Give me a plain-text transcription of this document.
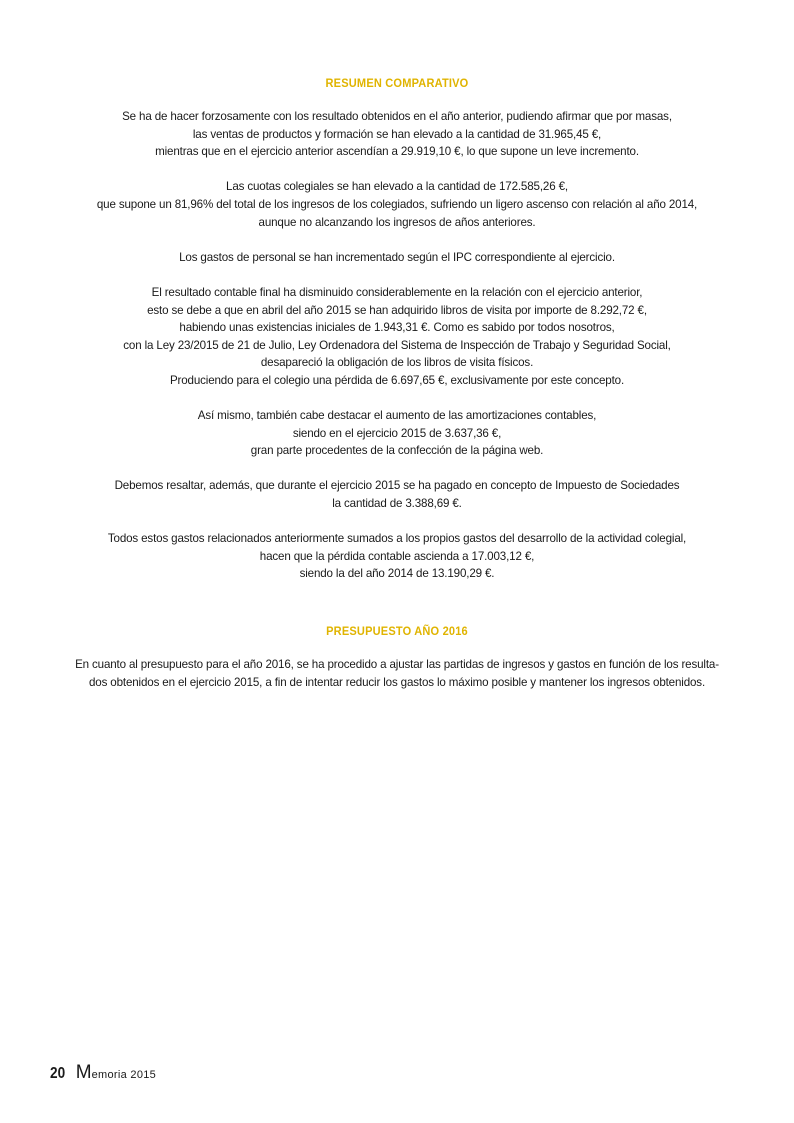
RESUMEN COMPARATIVO

Se ha de hacer forzosamente con los resultado obtenidos en el año anterior, pudiendo afirmar que por masas,
las ventas de productos y formación se han elevado a la cantidad de 31.965,45 €,
mientras que en el ejercicio anterior ascendían a 29.919,10 €, lo que supone un leve incremento.

Las cuotas colegiales se han elevado a la cantidad de 172.585,26 €,
que supone un 81,96% del total de los ingresos de los colegiados, sufriendo un ligero ascenso con relación al año 2014,
aunque no alcanzando los ingresos de años anteriores.

Los gastos de personal se han incrementado según el IPC correspondiente al ejercicio.

El resultado contable final ha disminuido considerablemente en la relación con el ejercicio anterior,
esto se debe a que en abril del año 2015 se han adquirido libros de visita por importe de 8.292,72 €,
habiendo unas existencias iniciales de 1.943,31 €. Como es sabido por todos nosotros,
con la Ley 23/2015 de 21 de Julio, Ley Ordenadora del Sistema de Inspección de Trabajo y Seguridad Social,
desapareció la obligación de los libros de visita físicos.
Produciendo para el colegio una pérdida de 6.697,65 €, exclusivamente por este concepto.

Así mismo, también cabe destacar el aumento de las amortizaciones contables,
siendo en el ejercicio 2015 de 3.637,36 €,
gran parte procedentes de la confección de la página web.

Debemos resaltar, además, que durante el ejercicio 2015 se ha pagado en concepto de Impuesto de Sociedades
la cantidad de 3.388,69 €.

Todos estos gastos relacionados anteriormente sumados a los propios gastos del desarrollo de la actividad colegial,
hacen que la pérdida contable ascienda a 17.003,12 €,
siendo la del año 2014 de 13.190,29 €.

PRESUPUESTO AÑO 2016

En cuanto al presupuesto para el año 2016, se ha procedido a ajustar las partidas de ingresos y gastos en función de los resulta-
dos obtenidos en el ejercicio 2015, a fin de intentar reducir los gastos lo máximo posible y mantener los ingresos obtenidos.

20 Memoria 2015
